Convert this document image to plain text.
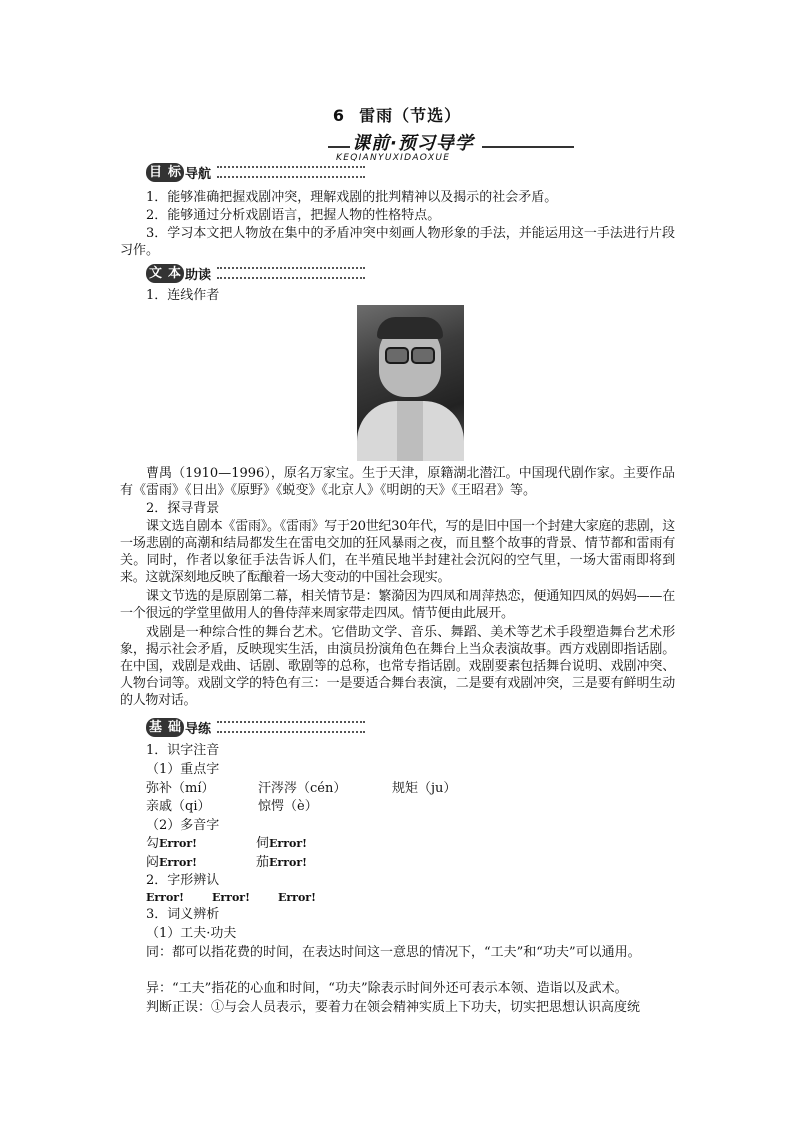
6 雷雨（节选）
课前·预习导学
KEQIANYUXIDAOXUE
目 标 导航
1．能够准确把握戏剧冲突，理解戏剧的批判精神以及揭示的社会矛盾。
2．能够通过分析戏剧语言，把握人物的性格特点。
3．学习本文把人物放在集中的矛盾冲突中刻画人物形象的手法，并能运用这一手法进行片段习作。
文 本 助读
1．连线作者
曹禺（1910—1996），原名万家宝。生于天津，原籍湖北潜江。中国现代剧作家。主要作品有《雷雨》《日出》《原野》《蜕变》《北京人》《明朗的天》《王昭君》等。
2．探寻背景
课文选自剧本《雷雨》。《雷雨》写于20世纪30年代，写的是旧中国一个封建大家庭的悲剧，这一场悲剧的高潮和结局都发生在雷电交加的狂风暴雨之夜，而且整个故事的背景、情节都和雷雨有关。同时，作者以象征手法告诉人们，在半殖民地半封建社会沉闷的空气里，一场大雷雨即将到来。这就深刻地反映了酝酿着一场大变动的中国社会现实。
课文节选的是原剧第二幕，相关情节是：繁漪因为四凤和周萍热恋，便通知四凤的妈妈——在一个很远的学堂里做用人的鲁侍萍来周家带走四凤。情节便由此展开。
戏剧是一种综合性的舞台艺术。它借助文学、音乐、舞蹈、美术等艺术手段塑造舞台艺术形象，揭示社会矛盾，反映现实生活，由演员扮演角色在舞台上当众表演故事。西方戏剧即指话剧。在中国，戏剧是戏曲、话剧、歌剧等的总称，也常专指话剧。戏剧要素包括舞台说明、戏剧冲突、人物台词等。戏剧文学的特色有三：一是要适合舞台表演，二是要有戏剧冲突，三是要有鲜明生动的人物对话。
基 础 导练
1．识字注音
（1）重点字
弥补（mí）	汗涔涔（cén）	规矩（ju）
亲戚（qi）	惊愕（è）
（2）多音字
勾Error!	伺Error!
闷Error!	茄Error!
2．字形辨认
Error!	Error!	Error!
3．词义辨析
（1）工夫·功夫
同：都可以指花费的时间，在表达时间这一意思的情况下，“工夫”和“功夫”可以通用。
异：“工夫”指花的心血和时间，“功夫”除表示时间外还可表示本领、造诣以及武术。
判断正误：①与会人员表示，要着力在领会精神实质上下功夫，切实把思想认识高度统
